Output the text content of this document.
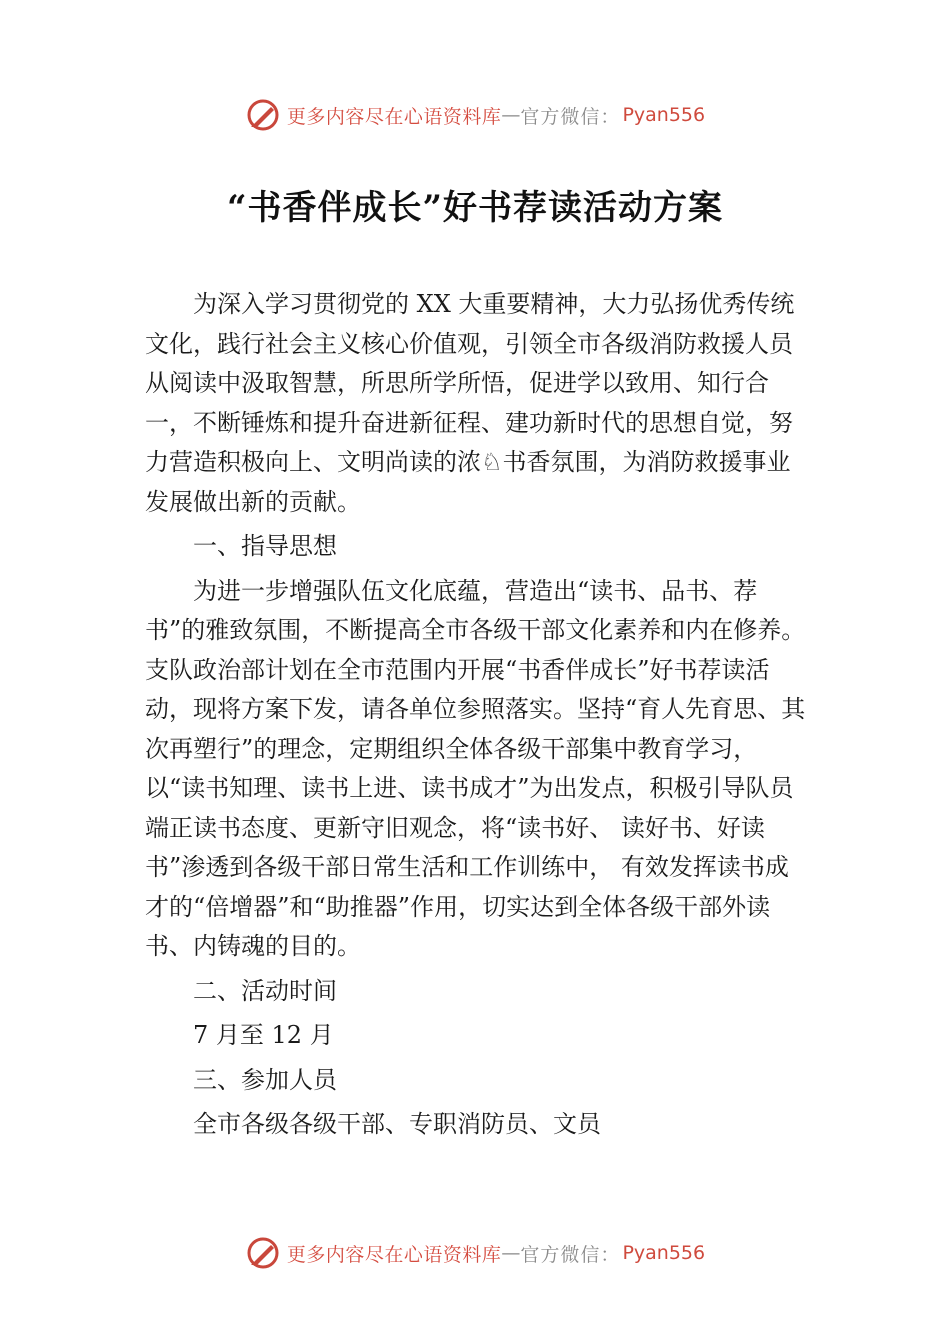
更多内容尽在心语资料库 — 官方微信： Pyan556
“书香伴成长”好书荐读活动方案

为深入学习贯彻党的 XX 大重要精神，大力弘扬优秀传统文化，践行社会主义核心价值观，引领全市各级消防救援人员从阅读中汲取智慧，所思所学所悟，促进学以致用、知行合一，不断锤炼和提升奋进新征程、建功新时代的思想自觉，努力营造积极向上、文明尚读的浓♘书香氛围，为消防救援事业发展做出新的贡献。

一、指导思想

为进一步增强队伍文化底蕴，营造出“读书、品书、荐书”的雅致氛围，不断提高全市各级干部文化素养和内在修养。支队政治部计划在全市范围内开展“书香伴成长”好书荐读活动，现将方案下发，请各单位参照落实。坚持“育人先育思、其次再塑行”的理念，定期组织全体各级干部集中教育学习，以“读书知理、读书上进、读书成才”为出发点，积极引导队员端正读书态度、更新守旧观念，将“读书好、 读好书、好读书”渗透到各级干部日常生活和工作训练中， 有效发挥读书成才的“倍增器”和“助推器”作用，切实达到全体各级干部外读书、内铸魂的目的。

二、活动时间

7 月至 12 月

三、参加人员

全市各级各级干部、专职消防员、文员

更多内容尽在心语资料库 — 官方微信： Pyan556
